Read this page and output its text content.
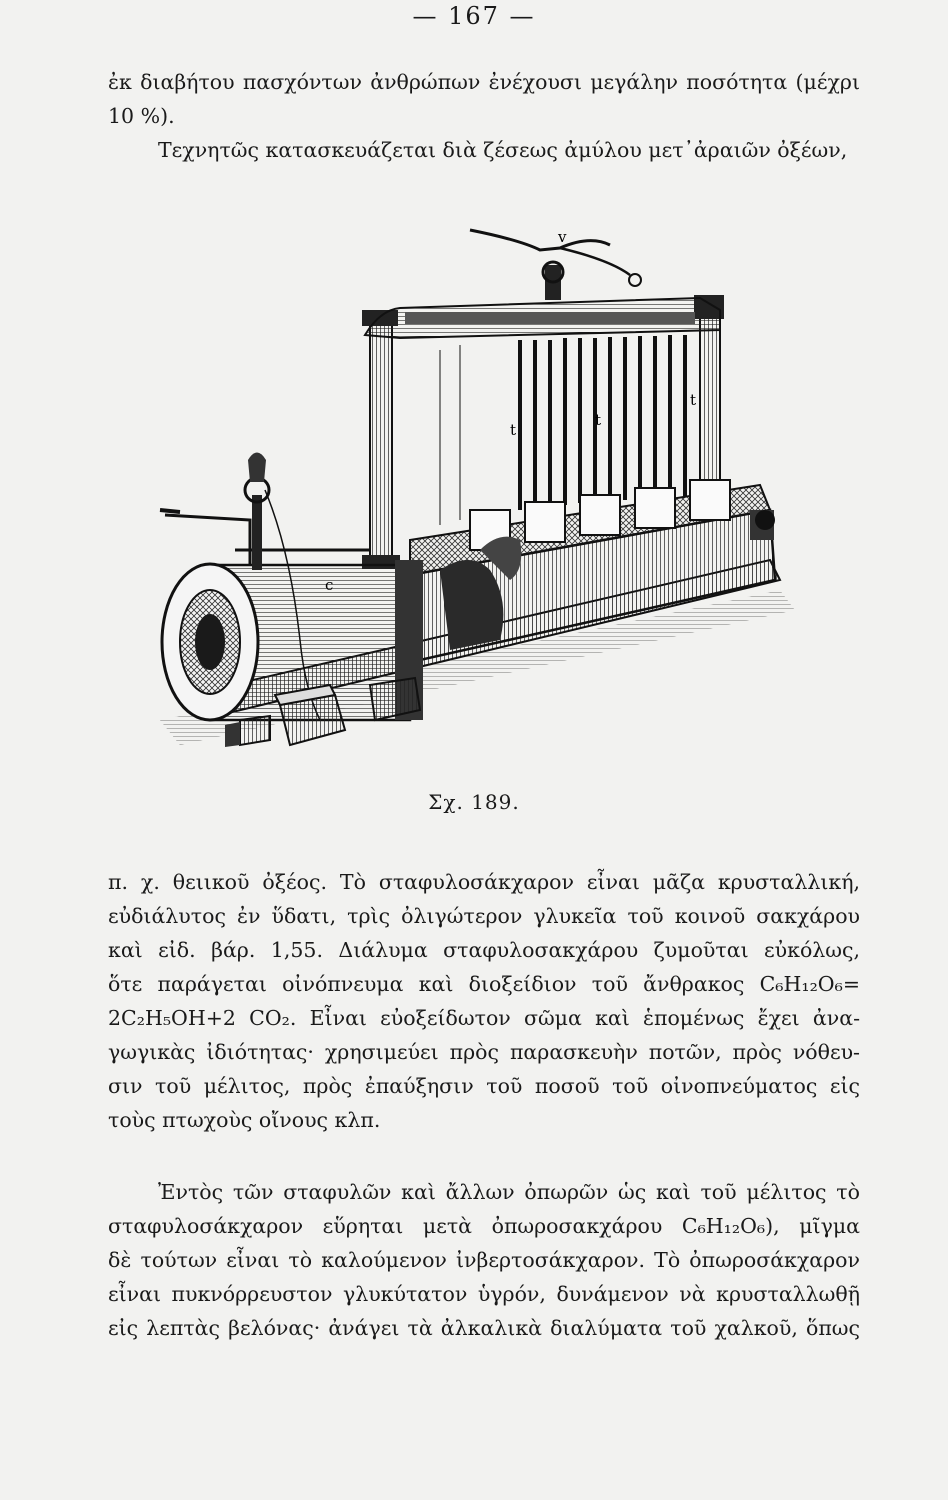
— 167 —
ἐκ διαβήτου πασχόντων ἀνθρώπων ἐνέχουσι μεγάλην ποσότητα (μέχρι
10 %).
Τεχνητῶς κατασκευάζεται διὰ ζέσεως ἀμύλου μετ᾽ἀραιῶν ὀξέων,
v
t
t
t
c
Σχ. 189.
π. χ. θειικοῦ ὀξέος. Τὸ σταφυλοσάκχαρον εἶναι μᾶζα κρυσταλλική,
εὐδιάλυτος ἐν ὕδατι, τρὶς ὀλιγώτερον γλυκεῖα τοῦ κοινοῦ σακχάρου
καὶ εἰδ. βάρ. 1,55. Διάλυμα σταφυλοσακχάρου ζυμοῦται εὐκόλως,
ὅτε παράγεται οἰνόπνευμα καὶ διοξείδιον τοῦ ἄνθρακος C₆H₁₂O₆=
2C₂H₅OH+2 CO₂. Εἶναι εὐοξείδωτον σῶμα καὶ ἑπομένως ἔχει ἀνα-
γωγικὰς ἰδιότητας· χρησιμεύει πρὸς παρασκευὴν ποτῶν, πρὸς νόθευ-
σιν τοῦ μέλιτος, πρὸς ἐπαύξησιν τοῦ ποσοῦ τοῦ οἰνοπνεύματος εἰς
τοὺς πτωχοὺς οἴνους κλπ.
Ἐντὸς τῶν σταφυλῶν καὶ ἄλλων ὀπωρῶν ὡς καὶ τοῦ μέλιτος τὸ
σταφυλοσάκχαρον εὕρηται μετὰ ὀπωροσακχάρου C₆H₁₂O₆), μῖγμα
δὲ τούτων εἶναι τὸ καλούμενον ἰνβερτοσάκχαρον. Τὸ ὀπωροσάκχαρον
εἶναι πυκνόρρευστον γλυκύτατον ὑγρόν, δυνάμενον νὰ κρυσταλλωθῇ
εἰς λεπτὰς βελόνας· ἀνάγει τὰ ἀλκαλικὰ διαλύματα τοῦ χαλκοῦ, ὅπως
